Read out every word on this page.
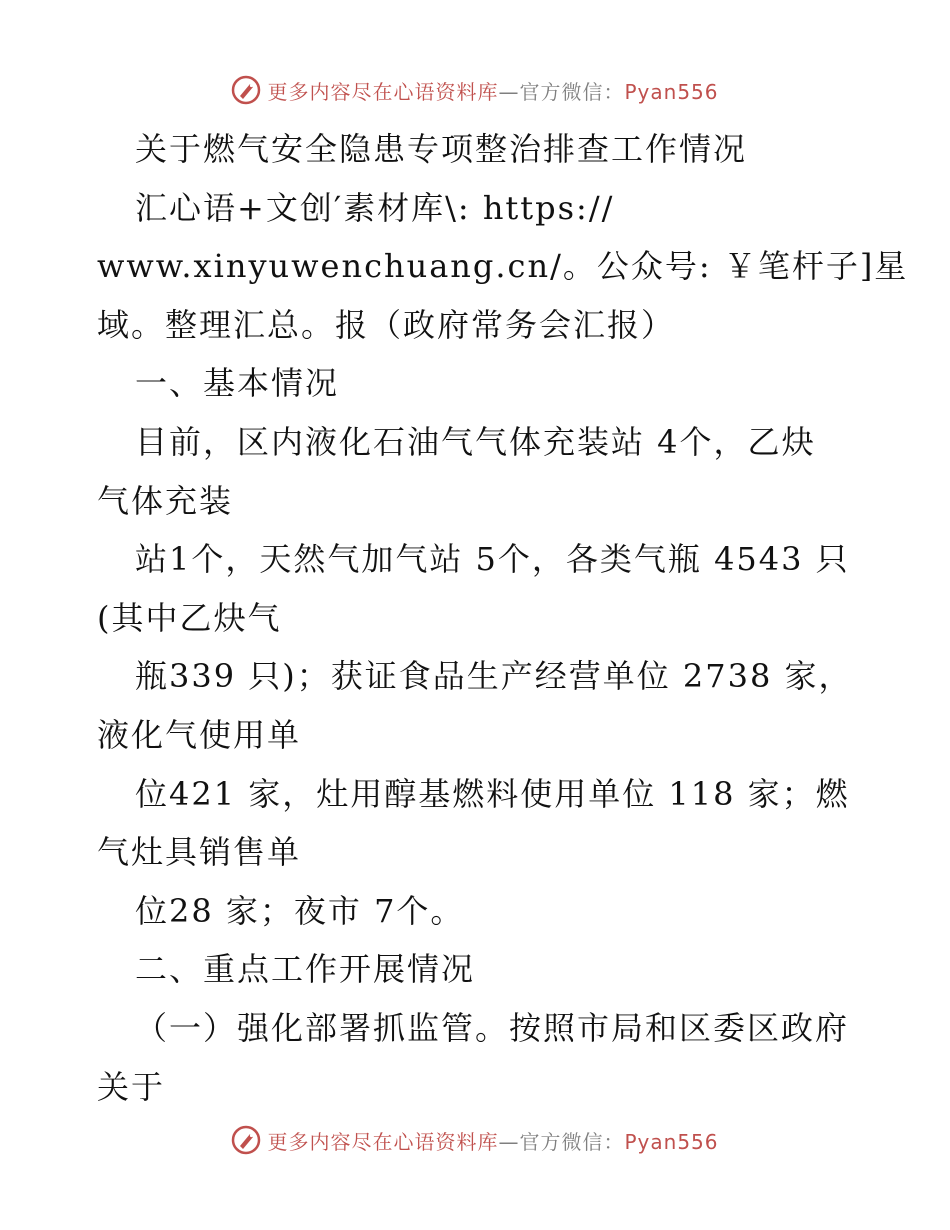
更多内容尽在心语资料库—官方微信：Pyan556
关于燃气安全隐患专项整治排查工作情况
汇心语+文创′素材库\: https://
www.xinyuwenchuang.cn/。公众号: ￥笔杆子]星
域。整理汇总。报（政府常务会汇报）
一、基本情况
目前，区内液化石油气气体充装站 4个，乙炔
气体充装
站1个，天然气加气站 5个，各类气瓶 4543 只
(其中乙炔气
瓶339 只)；获证食品生产经营单位 2738 家，
液化气使用单
位421 家，灶用醇基燃料使用单位 118 家；燃
气灶具销售单
位28 家；夜市 7个。
二、重点工作开展情况
（一）强化部署抓监管。按照市局和区委区政府
关于
更多内容尽在心语资料库—官方微信：Pyan556
